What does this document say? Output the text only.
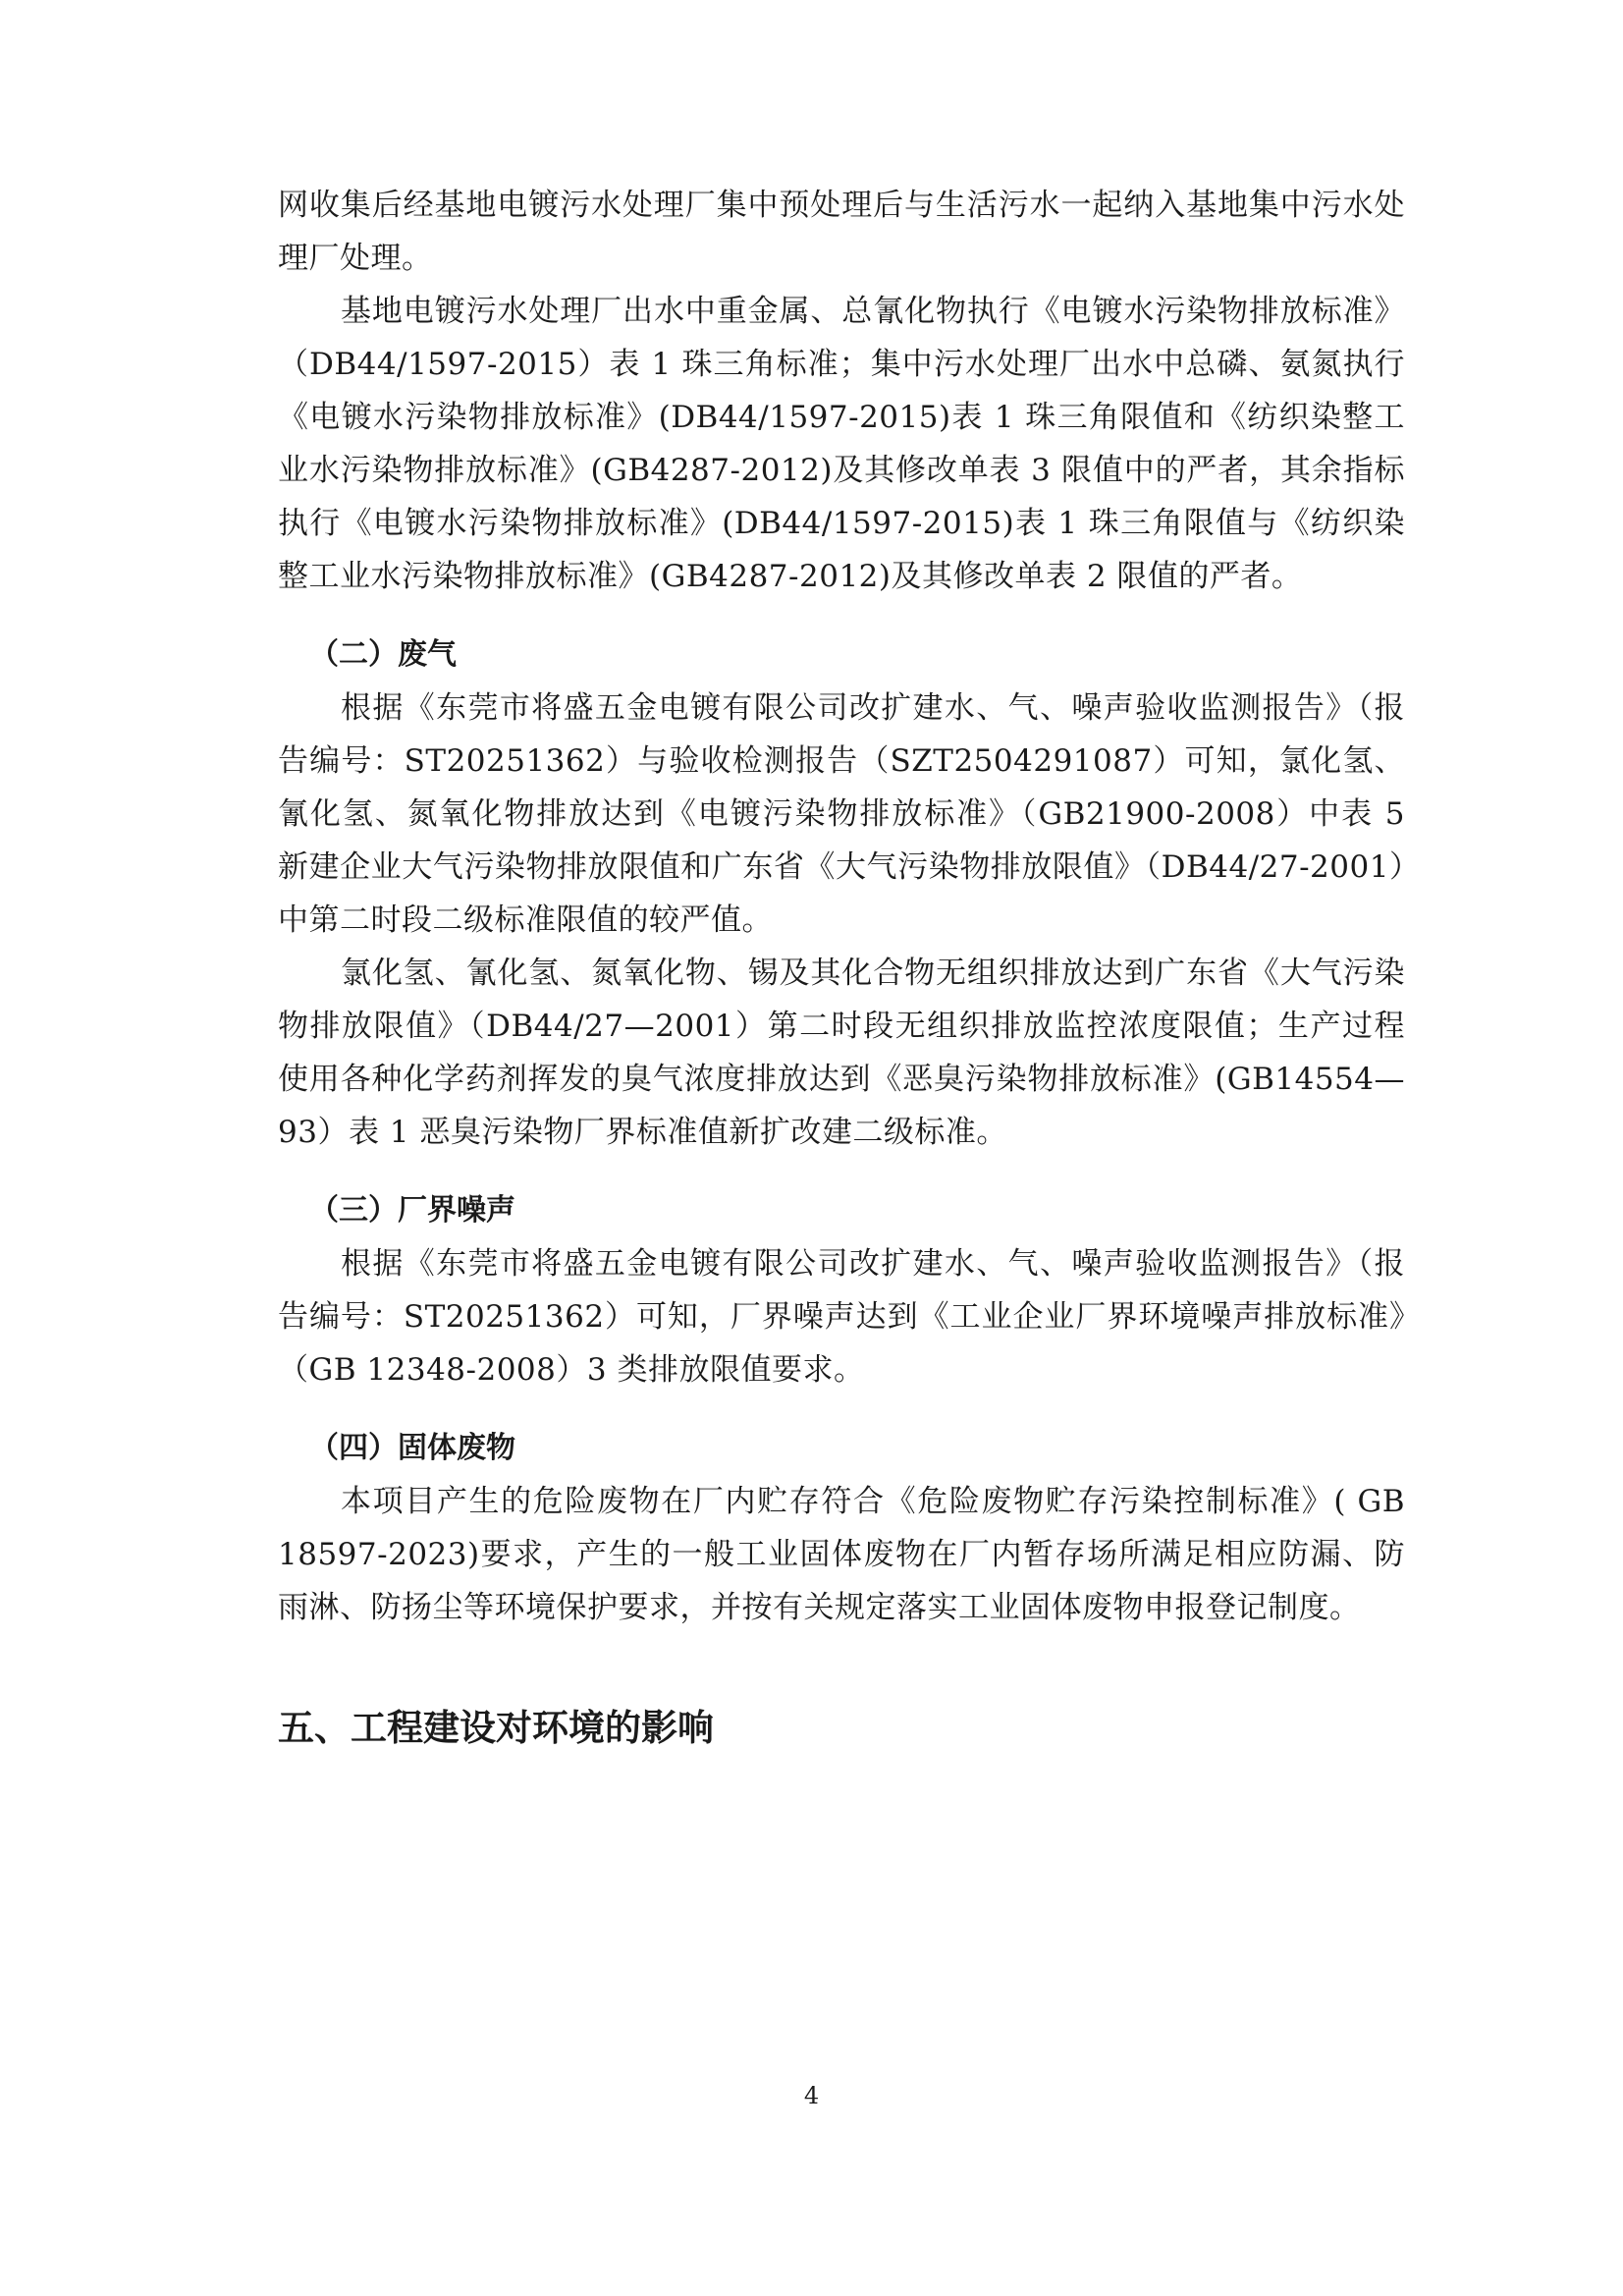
网收集后经基地电镀污水处理厂集中预处理后与生活污水一起纳入基地集中污水处理厂处理。

基地电镀污水处理厂出水中重金属、总氰化物执行《电镀水污染物排放标准》（DB44/1597-2015）表 1 珠三角标准；集中污水处理厂出水中总磷、氨氮执行《电镀水污染物排放标准》(DB44/1597-2015)表 1 珠三角限值和《纺织染整工业水污染物排放标准》(GB4287-2012)及其修改单表 3 限值中的严者，其余指标执行《电镀水污染物排放标准》(DB44/1597-2015)表 1 珠三角限值与《纺织染整工业水污染物排放标准》(GB4287-2012)及其修改单表 2 限值的严者。

（二）废气

根据《东莞市将盛五金电镀有限公司改扩建水、气、噪声验收监测报告》（报告编号：ST20251362）与验收检测报告（SZT2504291087）可知，氯化氢、氰化氢、氮氧化物排放达到《电镀污染物排放标准》（GB21900-2008）中表 5 新建企业大气污染物排放限值和广东省《大气污染物排放限值》（DB44/27-2001）中第二时段二级标准限值的较严值。

氯化氢、氰化氢、氮氧化物、锡及其化合物无组织排放达到广东省《大气污染物排放限值》（DB44/27—2001）第二时段无组织排放监控浓度限值；生产过程使用各种化学药剂挥发的臭气浓度排放达到《恶臭污染物排放标准》(GB14554—93）表 1 恶臭污染物厂界标准值新扩改建二级标准。

（三）厂界噪声

根据《东莞市将盛五金电镀有限公司改扩建水、气、噪声验收监测报告》（报告编号：ST20251362）可知，厂界噪声达到《工业企业厂界环境噪声排放标准》（GB 12348-2008）3 类排放限值要求。

（四）固体废物

本项目产生的危险废物在厂内贮存符合《危险废物贮存污染控制标准》( GB 18597-2023)要求，产生的一般工业固体废物在厂内暂存场所满足相应防漏、防雨淋、防扬尘等环境保护要求，并按有关规定落实工业固体废物申报登记制度。

五、工程建设对环境的影响
4
